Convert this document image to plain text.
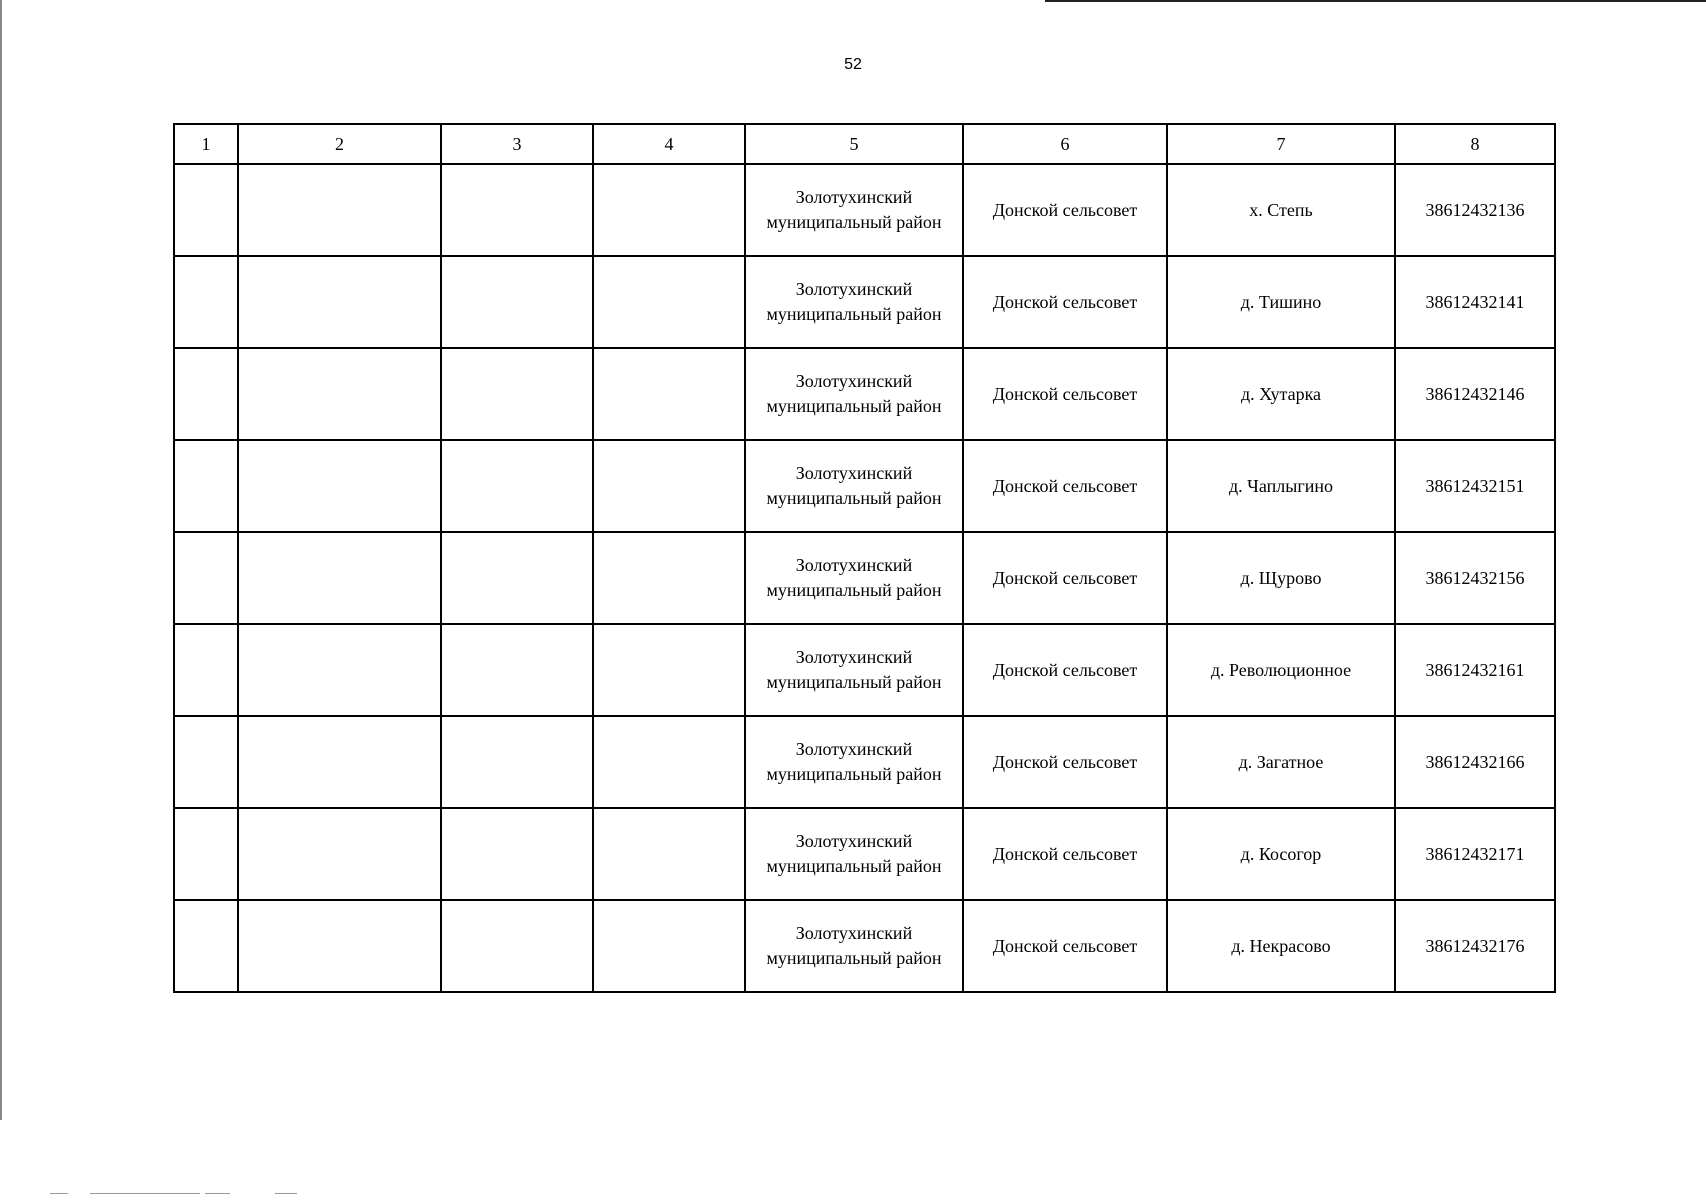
52
1	2	3	4	5	6	7	8
				Золотухинский муниципальный район	Донской сельсовет	х. Степь	38612432136
				Золотухинский муниципальный район	Донской сельсовет	д. Тишино	38612432141
				Золотухинский муниципальный район	Донской сельсовет	д. Хутарка	38612432146
				Золотухинский муниципальный район	Донской сельсовет	д. Чаплыгино	38612432151
				Золотухинский муниципальный район	Донской сельсовет	д. Щурово	38612432156
				Золотухинский муниципальный район	Донской сельсовет	д. Революционное	38612432161
				Золотухинский муниципальный район	Донской сельсовет	д. Загатное	38612432166
				Золотухинский муниципальный район	Донской сельсовет	д. Косогор	38612432171
				Золотухинский муниципальный район	Донской сельсовет	д. Некрасово	38612432176
